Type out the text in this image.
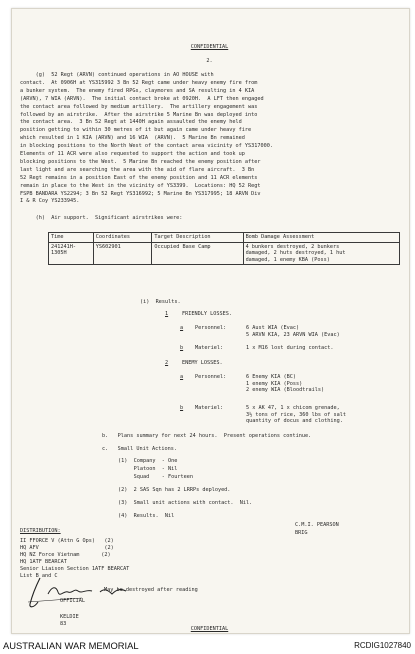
CONFIDENTIAL
2.
(g)  52 Regt (ARVN) continued operations in AO HOUSE with
contact.  At 0906H at YS315992 3 Bn 52 Regt came under heavy enemy fire from
a bunker system.  The enemy fired RPGs, claymores and SA resulting in 4 KIA
(ARVN), 7 WIA (ARVN).  The initial contact broke at 0920H.  A LFT then engaged
the contact area followed by medium artillery.  The artillery engagement was
followed by an airstrike.  After the airstrike 5 Marine Bn was deployed into
the contact area.  3 Bn 52 Regt at 1440H again assaulted the enemy held
position getting to within 30 metres of it but again came under heavy fire
which resulted in 1 KIA (ARVN) and 16 WIA  (ARVN).  5 Marine Bn remained
in blocking positions to the North West of the contact area vicinity of YS317000.
Elements of 11 ACR were also requested to support the action and took up
blocking positions to the West.  5 Marine Bn reached the enemy position after
last light and are searching the area with the aid of flare aircraft.  3 Bn
52 Regt remains in a position East of the enemy position and 11 ACR elements
remain in place to the West in the vicinity of YS3399.  Locations: HQ 52 Regt
FSPB BANDARA YS2294; 3 Bn 52 Regt YS316992; 5 Marine Bn YS317995; 18 ARVN Div
I & R Coy YS233945.
(h)  Air support.  Significant airstrikes were:
Time	Coordinates	Target Description	Bomb Damage Assessment
241241H-
1305H	YS602901	Occupied Base Camp	4 bunkers destroyed, 2 bunkers
damaged, 2 huts destroyed, 1 hut
damaged, 1 enemy KBA (Poss)
(i)  Results.
1	FRIENDLY LOSSES.
a Personnel:	6 Aust WIA (Evac)
5 ARVN KIA, 23 ARVN WIA (Evac)
b Materiel:	1 x M16 lost during contact.
2	ENEMY LOSSES.
a Personnel:	6 Enemy KIA (BC)
1 enemy KIA (Poss)
2 enemy WIA (Bloodtrails)
b Materiel:	5 x AK 47, 1 x chicom grenade,
3½ tons of rice, 360 lbs of salt
quantity of docus and clothing.
b.   Plans summary for next 24 hours.  Present operations continue.
c.   Small Unit Actions.
(1)  Company  - One
Platoon  - Nil
Squad    - Fourteen
(2)  2 SAS Sqn has 2 LRRPs deployed.
(3)  Small unit actions with contact.  Nil.
(4)  Results.  Nil
C.M.I. PEARSON
BRIG
DISTRIBUTION:
II FFORCE V (Attn G Ops)   (2)
HQ AFV                     (2)
HQ NZ Force Vietnam       (2)
HQ 1ATF BEARCAT
Senior Liaison Section 1ATF BEARCAT
List B and C
May be destroyed after reading
OFFICIAL
KELDIE
83
CONFIDENTIAL
AUSTRALIAN WAR MEMORIAL	RCDIG1027840
